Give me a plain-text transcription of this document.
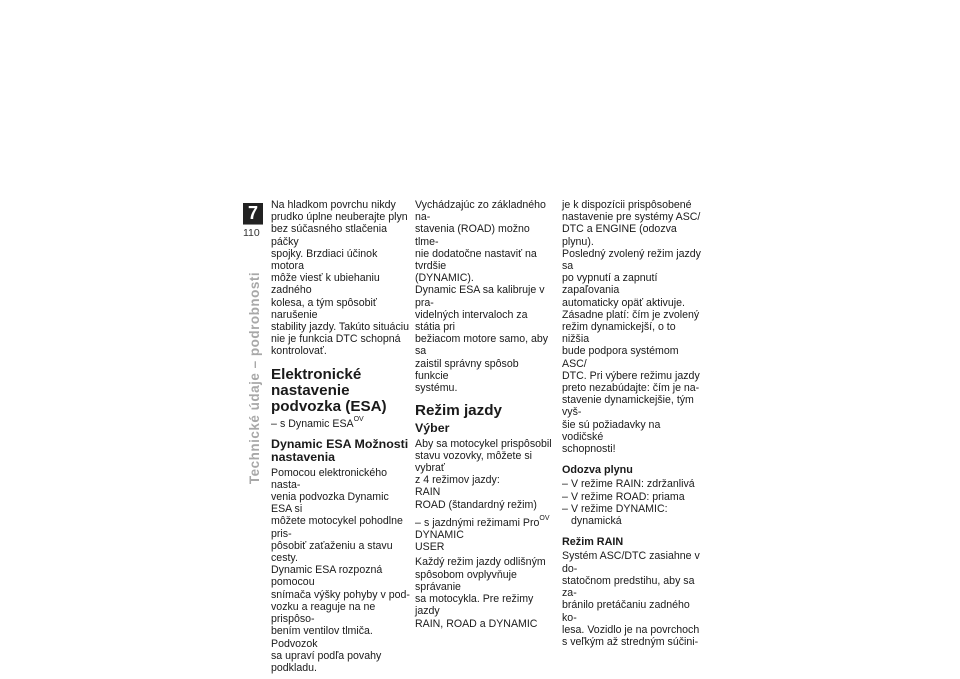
7
110
Technické údaje – podrobnosti

Na hladkom povrchu nikdy
prudko úplne neuberajte plyn
bez súčasného stlačenia páčky
spojky. Brzdiaci účinok motora
môže viesť k ubiehaniu zadného
kolesa, a tým spôsobiť narušenie
stability jazdy. Takúto situáciu
nie je funkcia DTC schopná
kontrolovať.

Elektronické nastavenie
podvozka (ESA)
– s Dynamic $ESA^{OV}$
Dynamic ESA Možnosti
nastavenia

Pomocou elektronického nasta-
venia podvozka Dynamic ESA si
môžete motocykel pohodlne pris-
pôsobiť zaťaženiu a stavu cesty.
Dynamic ESA rozpozná pomocou
snímača výšky pohyby v pod-
vozku a reaguje na ne prispôso-
bením ventilov tlmiča. Podvozok
sa upraví podľa povahy podkladu.

Vychádzajúc zo základného na-
stavenia (ROAD) možno tlme-
nie dodatočne nastaviť na tvrdšie
(DYNAMIC).
Dynamic ESA sa kalibruje v pra-
videlných intervaloch za státia pri
bežiacom motore samo, aby sa
zaistil správny spôsob funkcie
systému.

Režim jazdy
Výber

Aby sa motocykel prispôsobil
stavu vozovky, môžete si vybrať
z 4 režimov jazdy:
RAIN
ROAD (štandardný režim)

– s jazdnými režimami Pro$^{OV}$

DYNAMIC
USER

Každý režim jazdy odlišným
spôsobom ovplyvňuje správanie
sa motocykla. Pre režimy jazdy
RAIN, ROAD a DYNAMIC

je k dispozícii prispôsobené
nastavenie pre systémy ASC/
DTC a ENGINE (odozva plynu).
Posledný zvolený režim jazdy sa
po vypnutí a zapnutí zapaľovania
automaticky opäť aktivuje.
Zásadne platí: čím je zvolený
režim dynamickejší, o to nižšia
bude podpora systémom ASC/
DTC. Pri výbere režimu jazdy
preto nezabúdajte: čím je na-
stavenie dynamickejšie, tým vyš-
šie sú požiadavky na vodičské
schopnosti!

Odozva plynu
– V režime RAIN: zdržanlivá
– V režime ROAD: priama
– V režime DYNAMIC: dynamická
Režim RAIN

Systém ASC/DTC zasiahne v do-
statočnom predstihu, aby sa za-
bránilo pretáčaniu zadného ko-
lesa. Vozidlo je na povrchoch
s veľkým až stredným súčini-
